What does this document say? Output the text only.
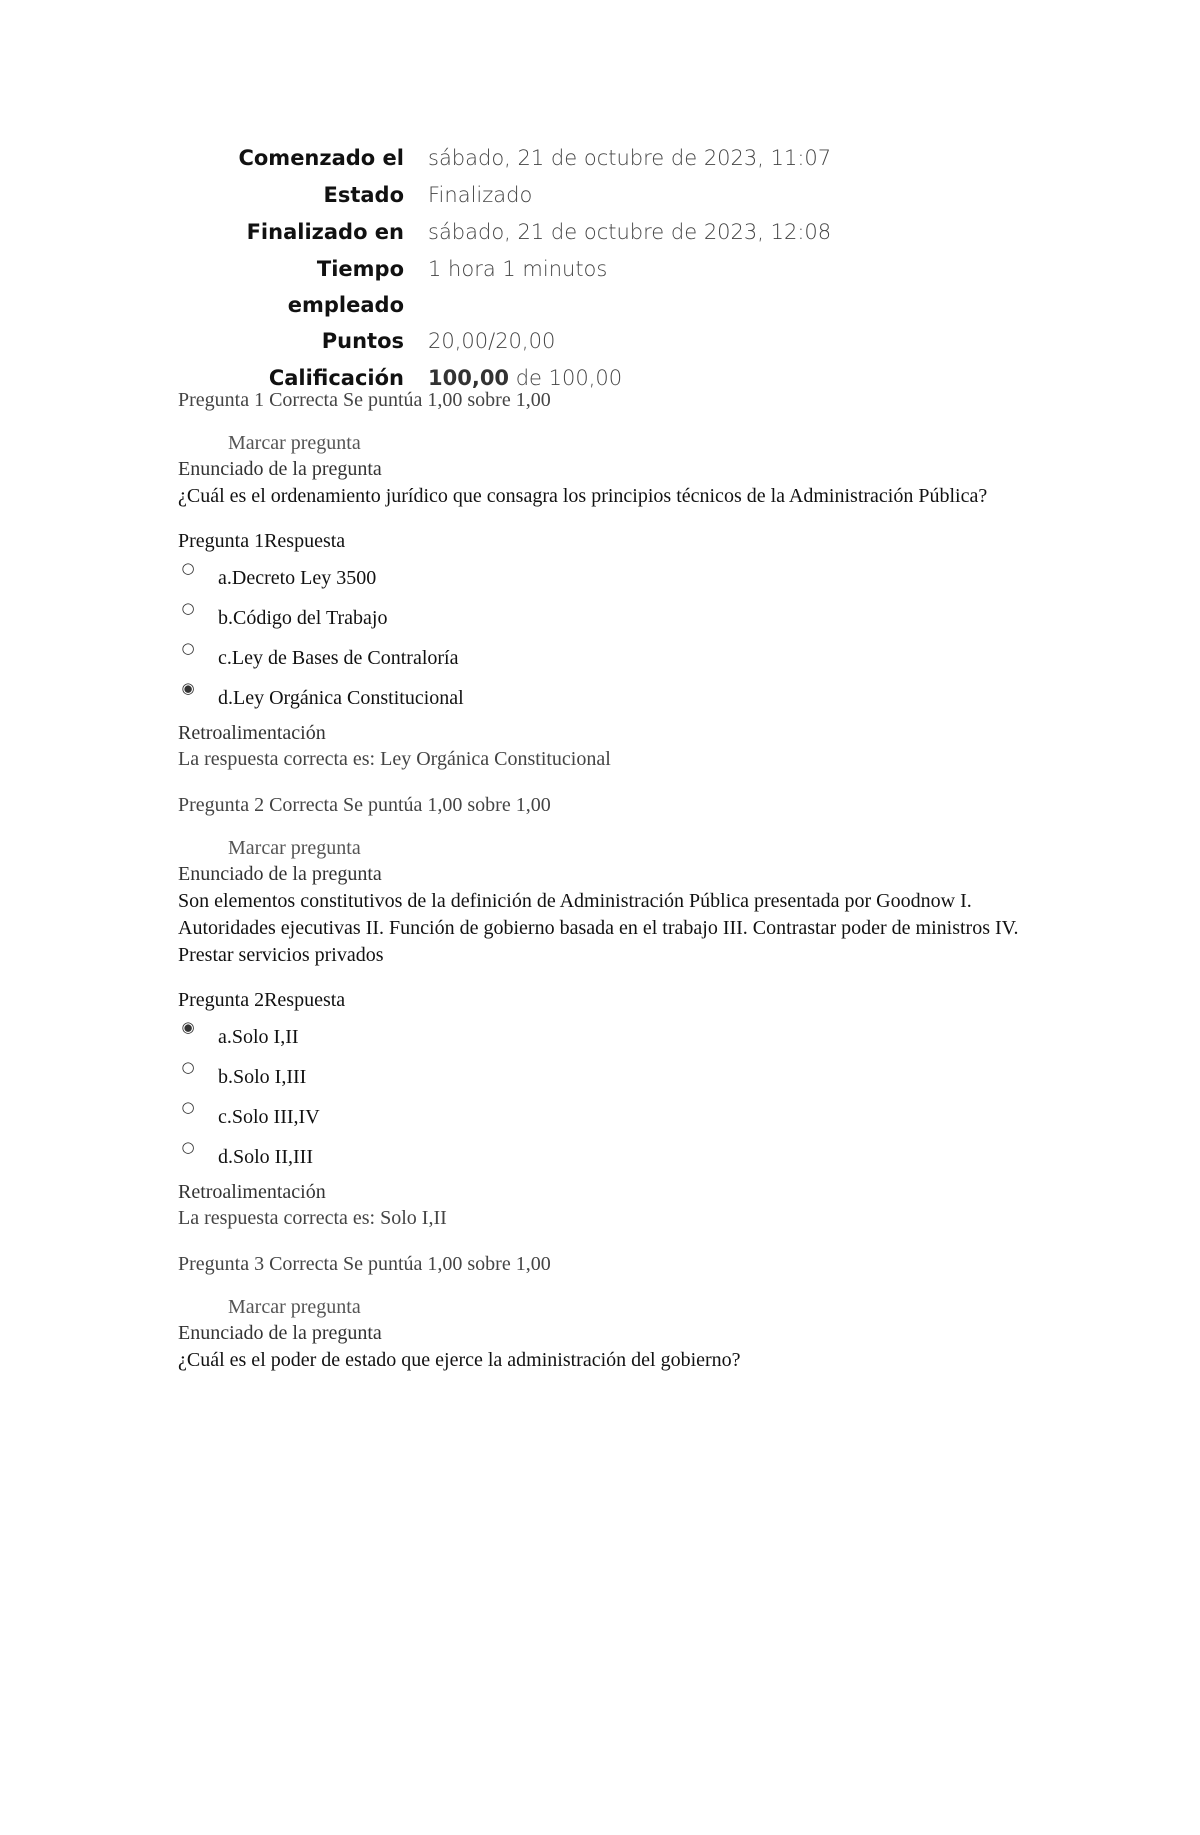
Comenzado el sábado, 21 de octubre de 2023, 11:07
Estado Finalizado
Finalizado en sábado, 21 de octubre de 2023, 12:08
Tiempo
empleado
1 hora 1 minutos
Puntos 20,00/20,00
Calificación 100,00 de 100,00
Pregunta 1 Correcta Se puntúa 1,00 sobre 1,00
Marcar pregunta
Enunciado de la pregunta
¿Cuál es el ordenamiento jurídico que consagra los principios técnicos de la Administración Pública?
Pregunta 1Respuesta
○ a.Decreto Ley 3500
○ b.Código del Trabajo
○ c.Ley de Bases de Contraloría
◉ d.Ley Orgánica Constitucional
Retroalimentación
La respuesta correcta es: Ley Orgánica Constitucional
Pregunta 2 Correcta Se puntúa 1,00 sobre 1,00
Marcar pregunta
Enunciado de la pregunta
Son elementos constitutivos de la definición de Administración Pública presentada por Goodnow I. Autoridades ejecutivas II. Función de gobierno basada en el trabajo III. Contrastar poder de ministros IV. Prestar servicios privados
Pregunta 2Respuesta
◉ a.Solo I,II
○ b.Solo I,III
○ c.Solo III,IV
○ d.Solo II,III
Retroalimentación
La respuesta correcta es: Solo I,II
Pregunta 3 Correcta Se puntúa 1,00 sobre 1,00
Marcar pregunta
Enunciado de la pregunta
¿Cuál es el poder de estado que ejerce la administración del gobierno?
